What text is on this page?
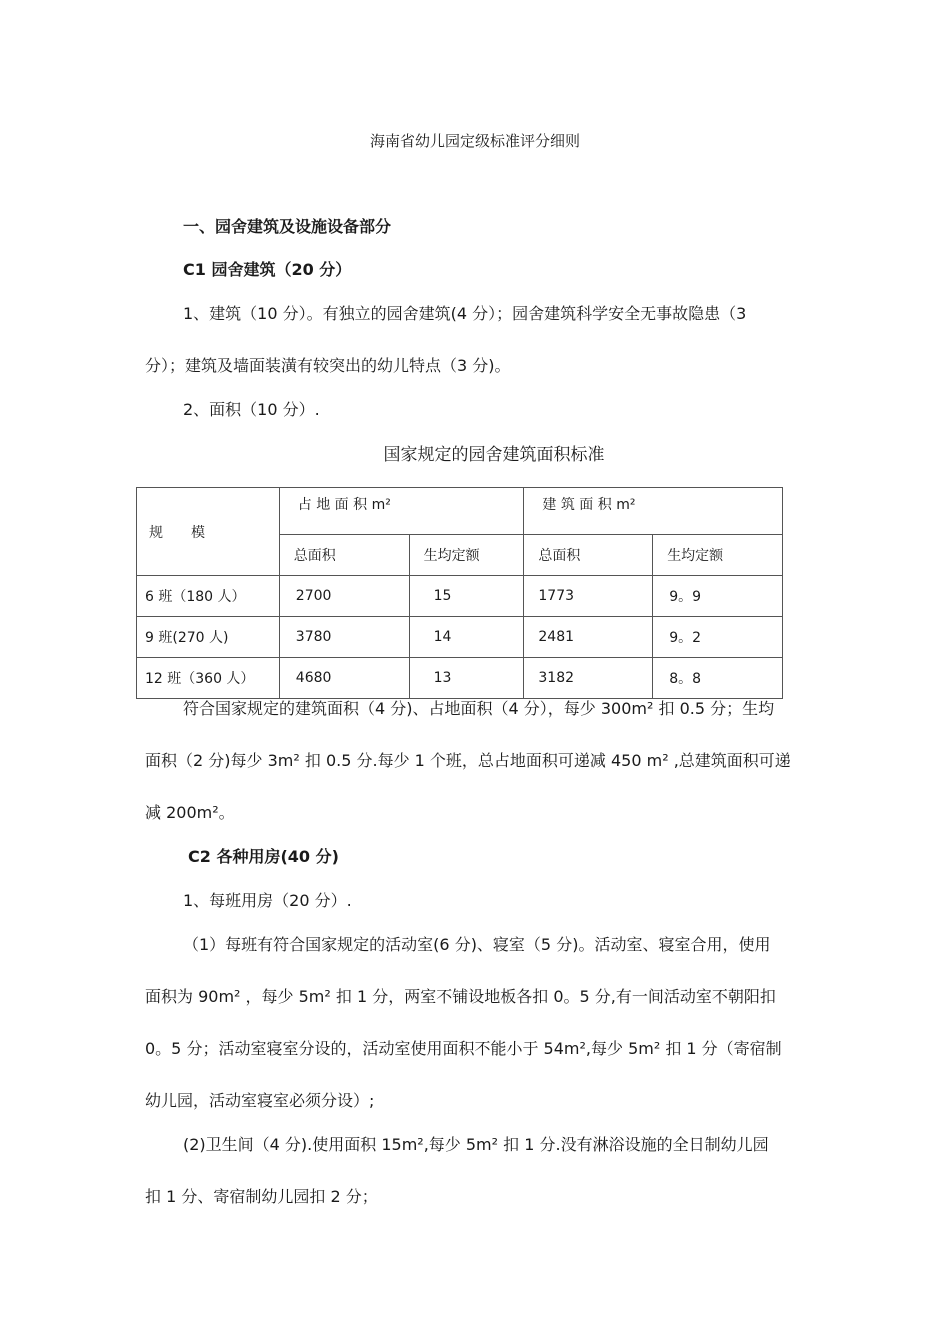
海南省幼儿园定级标准评分细则
一、园舍建筑及设施设备部分
C1 园舍建筑（20 分）
1、建筑（10 分）。有独立的园舍建筑(4 分）；园舍建筑科学安全无事故隐患（3
分）；建筑及墙面装潢有较突出的幼儿特点（3 分)。
2、面积（10 分）.
国家规定的园舍建筑面积标准
规　　模	占 地 面 积 m²		建 筑 面 积 m²	
	总面积	生均定额	总面积	生均定额
6 班（180 人）	2700	15	1773	9。9
9 班(270 人)	3780	14	2481	9。2
12 班（360 人）	4680	13	3182	8。8
符合国家规定的建筑面积（4 分)、占地面积（4 分），每少 300m² 扣 0.5 分；生均
面积（2 分)每少 3m² 扣 0.5 分.每少 1 个班，总占地面积可递减 450 m² ,总建筑面积可递
减 200m²。
C2 各种用房(40 分)
1、每班用房（20 分）.
（1）每班有符合国家规定的活动室(6 分)、寝室（5 分)。活动室、寝室合用，使用
面积为 90m² ，每少 5m² 扣 1 分，两室不铺设地板各扣 0。5 分,有一间活动室不朝阳扣
0。5 分；活动室寝室分设的，活动室使用面积不能小于 54m²,每少 5m² 扣 1 分（寄宿制
幼儿园，活动室寝室必须分设）;
(2)卫生间（4 分).使用面积 15m²,每少 5m² 扣 1 分.没有淋浴设施的全日制幼儿园
扣 1 分、寄宿制幼儿园扣 2 分；
